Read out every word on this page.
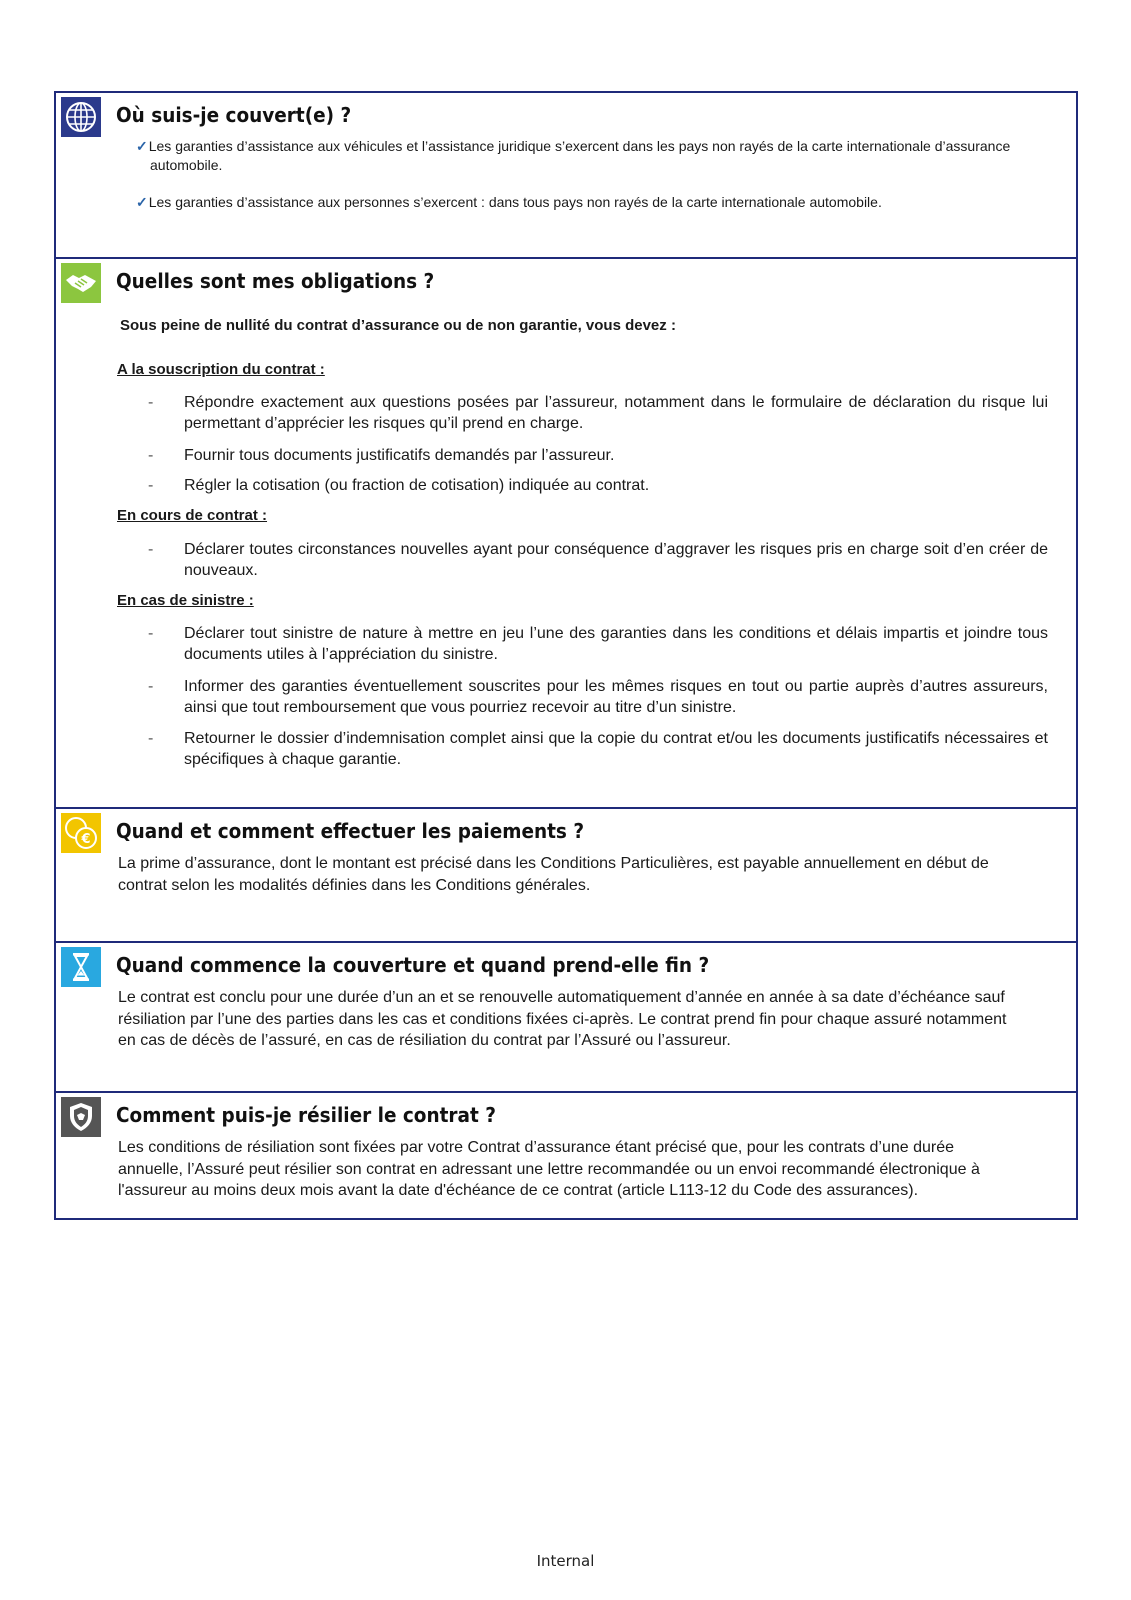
Où suis-je couvert(e) ?
✓Les garanties d’assistance aux véhicules et l’assistance juridique s’exercent dans les pays non rayés de la carte internationale d’assurance automobile.
✓Les garanties d’assistance aux personnes s’exercent : dans tous pays non rayés de la carte internationale automobile.
Quelles sont mes obligations ?
Sous peine de nullité du contrat d’assurance ou de non garantie, vous devez :
A la souscription du contrat :
- Répondre exactement aux questions posées par l’assureur, notamment dans le formulaire de déclaration du risque lui permettant d’apprécier les risques qu’il prend en charge.
- Fournir tous documents justificatifs demandés par l’assureur.
- Régler la cotisation (ou fraction de cotisation) indiquée au contrat.
En cours de contrat :
- Déclarer toutes circonstances nouvelles ayant pour conséquence d’aggraver les risques pris en charge soit d’en créer de nouveaux.
En cas de sinistre :
- Déclarer tout sinistre de nature à mettre en jeu l’une des garanties dans les conditions et délais impartis et joindre tous documents utiles à l’appréciation du sinistre.
- Informer des garanties éventuellement souscrites pour les mêmes risques en tout ou partie auprès d’autres assureurs, ainsi que tout remboursement que vous pourriez recevoir au titre d’un sinistre.
- Retourner le dossier d’indemnisation complet ainsi que la copie du contrat et/ou les documents justificatifs nécessaires et spécifiques à chaque garantie.
€ Quand et comment effectuer les paiements ?
La prime d’assurance, dont le montant est précisé dans les Conditions Particulières, est payable annuellement en début de contrat selon les modalités définies dans les Conditions générales.
Quand commence la couverture et quand prend-elle fin ?
Le contrat est conclu pour une durée d’un an et se renouvelle automatiquement d’année en année à sa date d’échéance sauf résiliation par l’une des parties dans les cas et conditions fixées ci-après. Le contrat prend fin pour chaque assuré notamment en cas de décès de l’assuré, en cas de résiliation du contrat par l’Assuré ou l’assureur.
Comment puis-je résilier le contrat ?
Les conditions de résiliation sont fixées par votre Contrat d’assurance étant précisé que, pour les contrats d’une durée annuelle, l’Assuré peut résilier son contrat en adressant une lettre recommandée ou un envoi recommandé électronique à l'assureur au moins deux mois avant la date d'échéance de ce contrat (article L113-12 du Code des assurances).
Internal
